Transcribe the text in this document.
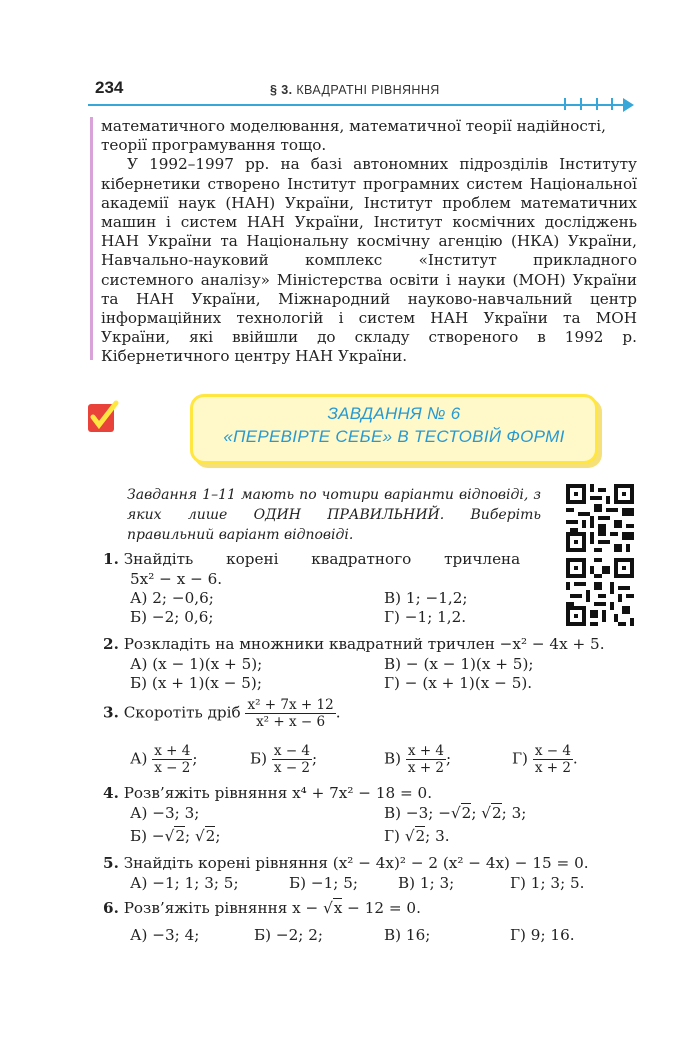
234	§ 3. КВАДРАТНІ РІВНЯННЯ

математичного моделювання, математичної теорії надійності,

теорії програмування тощо.

У 1992–1997 рр. на базі автономних підрозділів Інституту кібернетики створено Інститут програмних систем Національної академії наук (НАН) України, Інститут проблем математичних машин і систем НАН України, Інститут космічних досліджень НАН України та Національну космічну агенцію (НКА) України, Навчально-науковий комплекс «Інститут прикладного системного аналізу» Міністерства освіти і науки (МОН) України та НАН України, Міжнародний науково-навчальний центр інформаційних технологій і систем НАН України та МОН України, які ввійшли до складу створеного в 1992 р. Кібернетичного центру НАН України.

ЗАВДАННЯ № 6
«ПЕРЕВІРТЕ СЕБЕ» В ТЕСТОВІЙ ФОРМІ
Завдання 1–11 мають по чотири варіанти відповіді, з яких лише ОДИН ПРАВИЛЬНИЙ. Виберіть правильний варіант відповіді.
1. Знайдіть корені квадратного тричлена
5x² − x − 6.
А) 2; −0,6;
Б) −2; 0,6;
В) 1; −1,2;
Г) −1; 1,2.
2. Розкладіть на множники квадратний тричлен −x² − 4x + 5.
А) (x − 1)(x + 5);
Б) (x + 1)(x − 5);
В) − (x − 1)(x + 5);
Г) − (x + 1)(x − 5).
3. Скоротіть дріб $\frac{\text{x² + 7x + 12}}{\text{x² + x − 6}}$ .
$А) \frac{x + 4}{x - 2}$ ;	$Б) \frac{x - 4}{x - 2}$ ;	$В) \frac{x + 4}{x + 2}$ ;	$Г) \frac{x - 4}{x + 2}$ .
4. Розв’яжіть рівняння x⁴ + 7x² − 18 = 0.
А) −3; 3;
Б) −√2; √2;
В) −3; −√2; √2; 3;
Г) √2; 3.
5. Знайдіть корені рівняння (x² − 4x)² − 2 (x² − 4x) − 15 = 0.
А) −1; 1; 3; 5;	Б) −1; 5;	В) 1; 3;	Г) 1; 3; 5.
6. Розв’яжіть рівняння x − √x − 12 = 0.
А) −3; 4;	Б) −2; 2;	В) 16;	Г) 9; 16.
